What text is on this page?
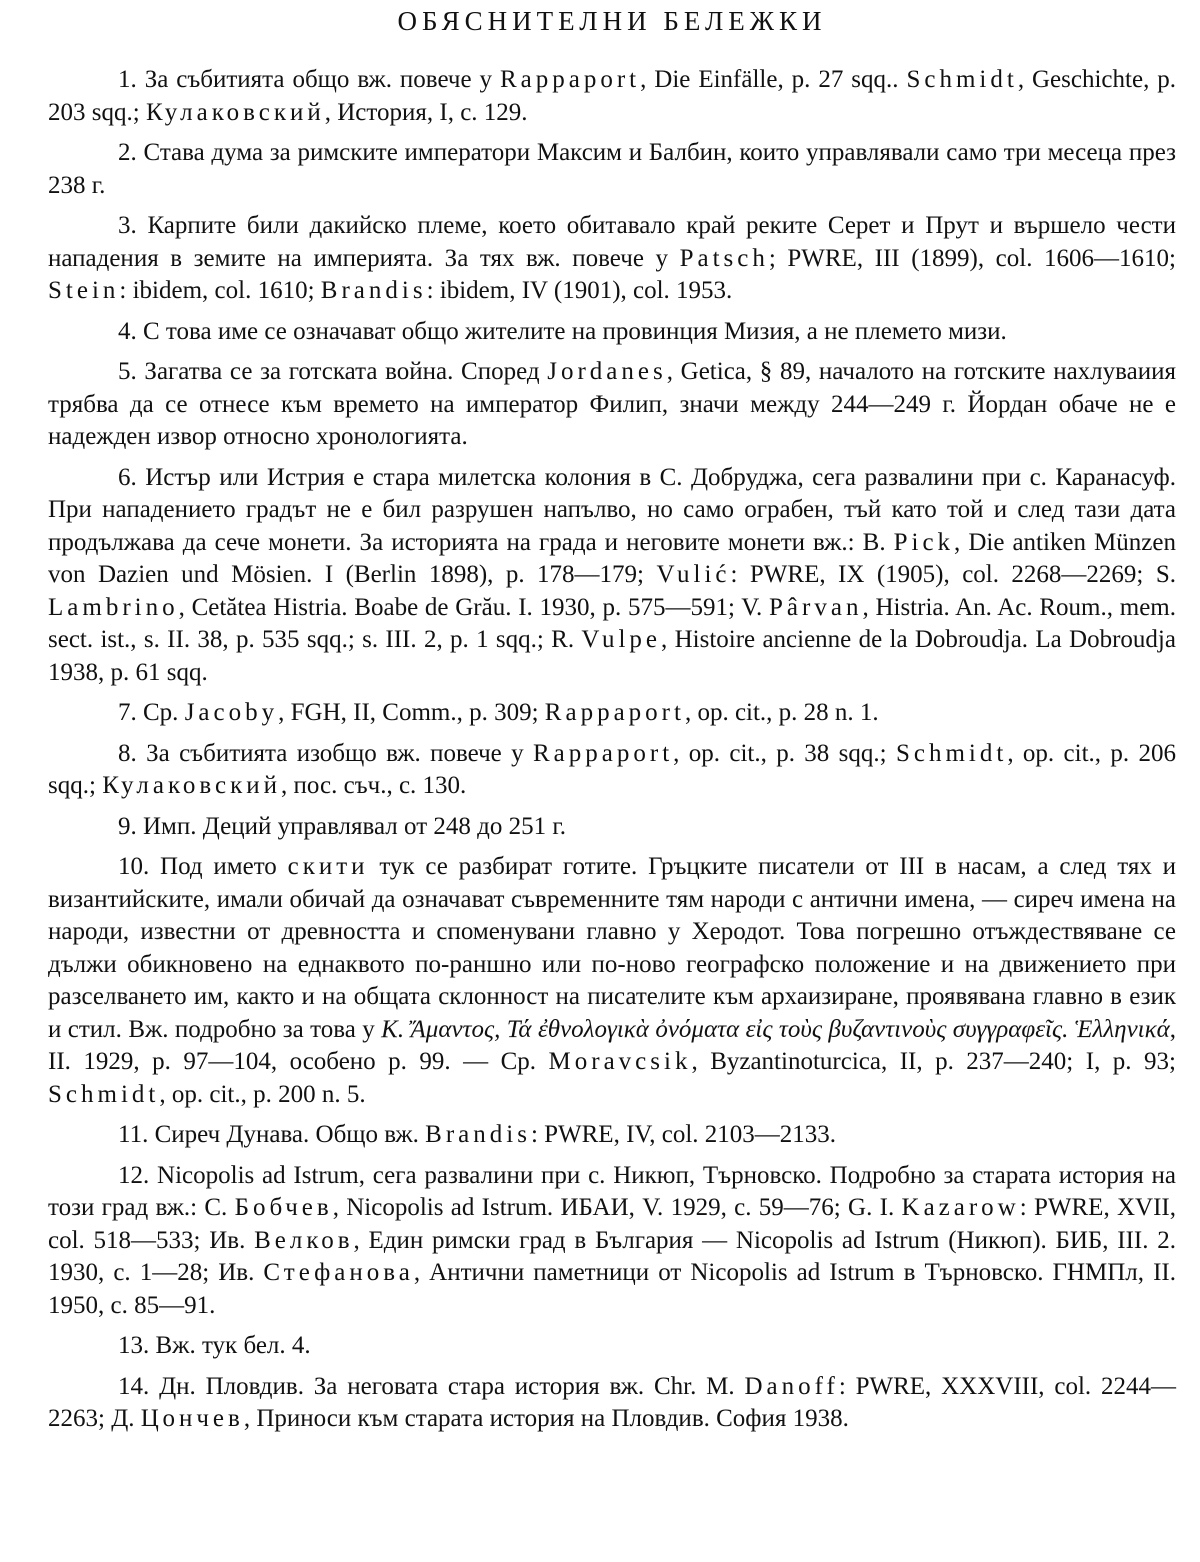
ОБЯСНИТЕЛНИ БЕЛЕЖКИ

1. За събитията общо вж. повече у Rappaport, Die Einfälle, p. 27 sqq.. Schmidt, Geschichte, p. 203 sqq.; Кулаковский, История, I, с. 129.

2. Става дума за римските императори Максим и Балбин, които управлявали само три месеца през 238 г.

3. Карпите били дакийско племе, което обитавало край реките Серет и Прут и вършело чести нападения в земите на империята. За тях вж. повече у Patsch; PWRE, III (1899), col. 1606—1610; Stein: ibidem, col. 1610; Brandis: ibidem, IV (1901), col. 1953.

4. С това име се означават общо жителите на провинция Мизия, а не племето мизи.

5. Загатва се за готската война. Според Jordanes, Getica, § 89, началото на готските нахлуваиия трябва да се отнесе към времето на император Филип, значи между 244—249 г. Йордан обаче не е надежден извор относно хронологията.

6. Истър или Истрия е стара милетска колония в С. Добруджа, сега развалини при с. Каранасуф. При нападението градът не е бил разрушен напълво, но само ограбен, тъй като той и след тази дата продължава да сече монети. За историята на града и неговите монети вж.: B. Pick, Die antiken Münzen von Dazien und Mösien. I (Berlin 1898), p. 178—179; Vulić: PWRE, IX (1905), col. 2268—2269; S. Lambrino, Cetătea Histria. Boabe de Grău. I. 1930, p. 575—591; V. Pârvan, Histria. An. Ac. Roum., mem. sect. ist., s. II. 38, p. 535 sqq.; s. III. 2, p. 1 sqq.; R. Vulpe, Histoire ancienne de la Dobroudja. La Dobroudja 1938, p. 61 sqq.

7. Cp. Jacoby, FGH, II, Comm., p. 309; Rappaport, op. cit., p. 28 n. 1.

8. За събитията изобщо вж. повече у Rappaport, op. cit., p. 38 sqq.; Schmidt, op. cit., p. 206 sqq.; Кулаковский, пос. съч., с. 130.

9. Имп. Деций управлявал от 248 до 251 г.

10. Под името скити тук се разбират готите. Гръцките писатели от III в насам, а след тях и византийските, имали обичай да означават съвременните тям народи с антични имена, — сиреч имена на народи, известни от древността и споменувани главно у Херодот. Това погрешно отъждествяване се дължи обикновено на еднаквото по-раншно или по-ново географско положение и на движението при разселването им, както и на общата склонност на писателите към архаизиране, проявявана главно в език и стил. Вж. подробно за това у Κ. Ἄμαντος, Τά ἐθνολογικὰ ὀνόματα εἰς τοὺς βυζαντινοὺς συγγραφεῖς. Ἑλληνικά, II. 1929, p. 97—104, особено p. 99. — Cp. Moravcsik, Byzantinoturcica, II, p. 237—240; I, p. 93; Schmidt, op. cit., p. 200 n. 5.

11. Сиреч Дунава. Общо вж. Brandis: PWRE, IV, col. 2103—2133.

12. Nicopolis ad Istrum, сега развалини при с. Никюп, Търновско. Подробно за старата история на този град вж.: С. Бобчев, Nicopolis ad Istrum. ИБАИ, V. 1929, с. 59—76; G. I. Kazarow: PWRE, XVII, col. 518—533; Ив. Велков, Един римски град в България — Nicopolis ad Istrum (Никюп). БИБ, III. 2. 1930, с. 1—28; Ив. Стефанова, Антични паметници от Nicopolis ad Istrum в Търновско. ГНМПл, II. 1950, с. 85—91.

13. Вж. тук бел. 4.

14. Дн. Пловдив. За неговата стара история вж. Chr. M. Danoff: PWRE, XXXVIII, col. 2244—2263; Д. Цончев, Приноси към старата история на Пловдив. София 1938.
